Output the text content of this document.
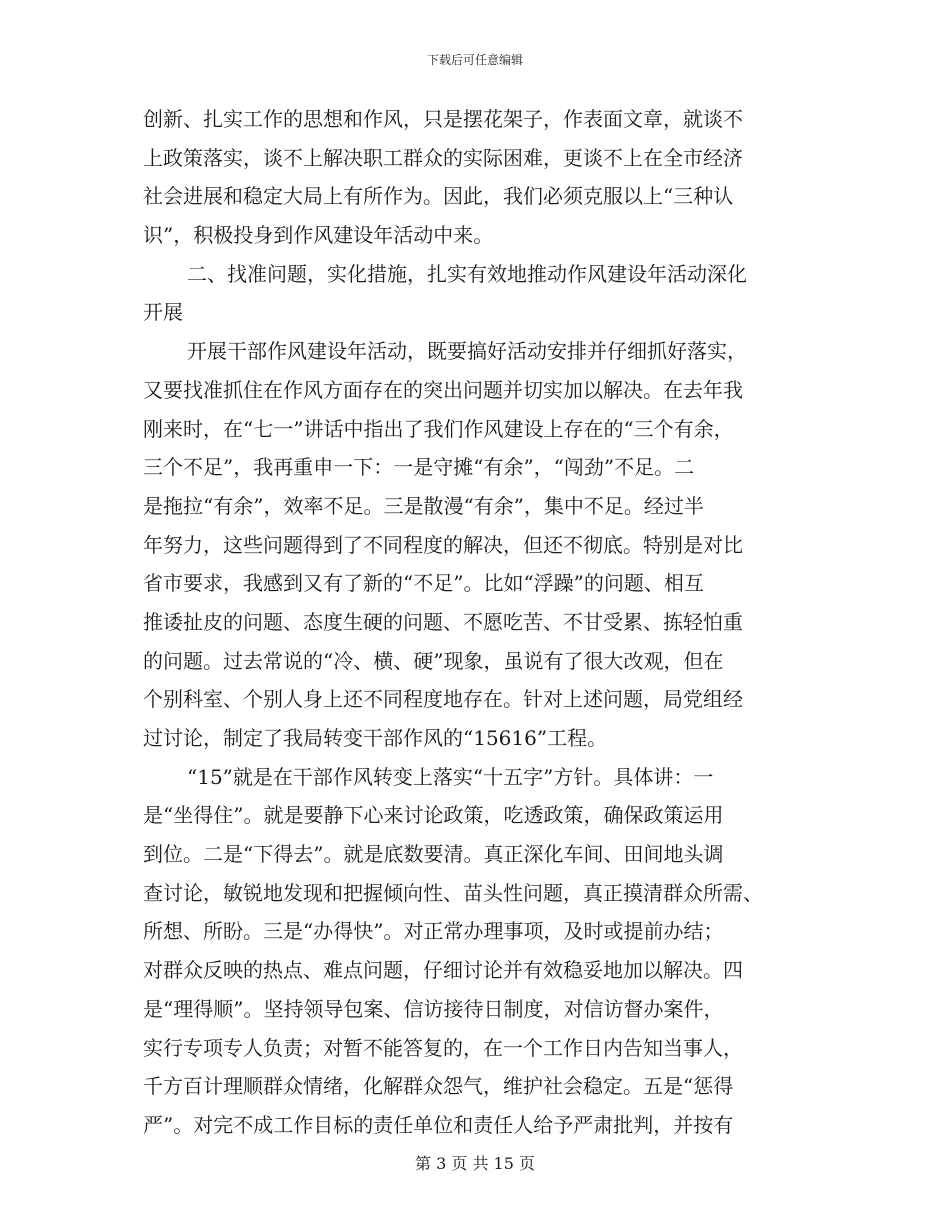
下载后可任意编辑
创新、扎实工作的思想和作风，只是摆花架子，作表面文章，就谈不
上政策落实，谈不上解决职工群众的实际困难，更谈不上在全市经济
社会进展和稳定大局上有所作为。因此，我们必须克服以上“三种认
识”，积极投身到作风建设年活动中来。
二、找准问题，实化措施，扎实有效地推动作风建设年活动深化
开展
开展干部作风建设年活动，既要搞好活动安排并仔细抓好落实，
又要找准抓住在作风方面存在的突出问题并切实加以解决。在去年我
刚来时，在“七一”讲话中指出了我们作风建设上存在的“三个有余，
三个不足”，我再重申一下：一是守摊“有余”，“闯劲”不足。二
是拖拉“有余”，效率不足。三是散漫“有余”，集中不足。经过半
年努力，这些问题得到了不同程度的解决，但还不彻底。特别是对比
省市要求，我感到又有了新的“不足”。比如“浮躁”的问题、相互
推诿扯皮的问题、态度生硬的问题、不愿吃苦、不甘受累、拣轻怕重
的问题。过去常说的“冷、横、硬”现象，虽说有了很大改观，但在
个别科室、个别人身上还不同程度地存在。针对上述问题，局党组经
过讨论，制定了我局转变干部作风的“15616”工程。
“15”就是在干部作风转变上落实“十五字”方针。具体讲：一
是“坐得住”。就是要静下心来讨论政策，吃透政策，确保政策运用
到位。二是“下得去”。就是底数要清。真正深化车间、田间地头调
查讨论，敏锐地发现和把握倾向性、苗头性问题，真正摸清群众所需、
所想、所盼。三是“办得快”。对正常办理事项，及时或提前办结；
对群众反映的热点、难点问题，仔细讨论并有效稳妥地加以解决。四
是“理得顺”。坚持领导包案、信访接待日制度，对信访督办案件，
实行专项专人负责；对暂不能答复的，在一个工作日内告知当事人，
千方百计理顺群众情绪，化解群众怨气，维护社会稳定。五是“惩得
严”。对完不成工作目标的责任单位和责任人给予严肃批判，并按有
第 3 页 共 15 页
